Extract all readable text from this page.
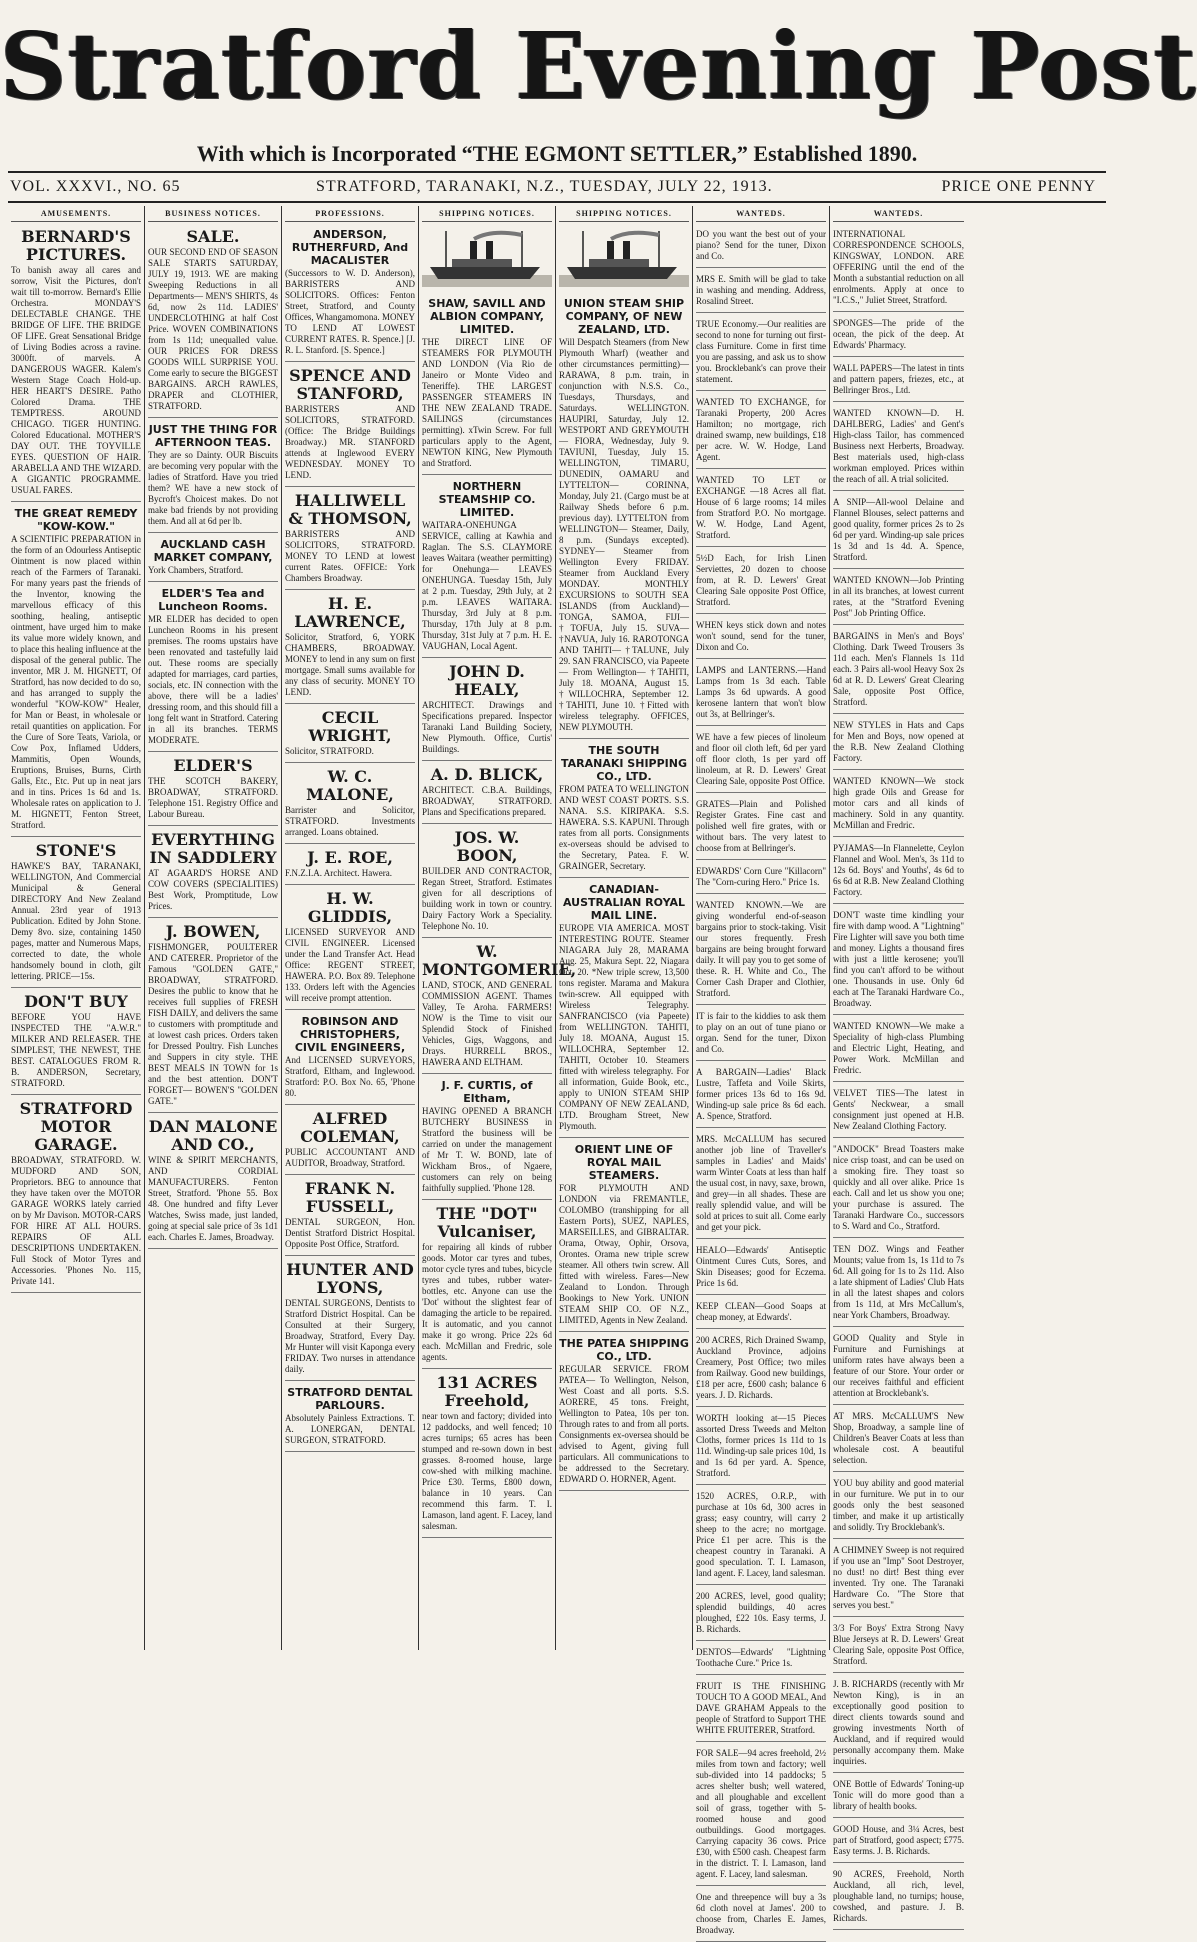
Stratford Evening Post
With which is Incorporated “THE EGMONT SETTLER,” Established 1890.
VOL. XXXVI., NO. 65	STRATFORD, TARANAKI, N.Z., TUESDAY, JULY 22, 1913.	PRICE ONE PENNY
AMUSEMENTS.
BERNARD'S PICTURES.

To banish away all cares and sorrow, Visit the Pictures, don't wait till to-morrow. Bernard's Ellie Orchestra. MONDAY'S DELECTABLE CHANGE. THE BRIDGE OF LIFE. THE BRIDGE OF LIFE. Great Sensational Bridge of Living Bodies across a ravine. 3000ft. of marvels. A DANGEROUS WAGER. Kalem's Western Stage Coach Hold-up. HER HEART'S DESIRE. Patho Colored Drama. THE TEMPTRESS. AROUND CHICAGO. TIGER HUNTING. Colored Educational. MOTHER'S DAY OUT. THE TOYVILLE EYES. QUESTION OF HAIR. ARABELLA AND THE WIZARD. A GIGANTIC PROGRAMME. USUAL FARES.

THE GREAT REMEDY "KOW-KOW."

A SCIENTIFIC PREPARATION in the form of an Odourless Antiseptic Ointment is now placed within reach of the Farmers of Taranaki. For many years past the friends of the Inventor, knowing the marvellous efficacy of this soothing, healing, antiseptic ointment, have urged him to make its value more widely known, and to place this healing influence at the disposal of the general public. The inventor, MR J. M. HIGNETT, Of Stratford, has now decided to do so, and has arranged to supply the wonderful "KOW-KOW" Healer, for Man or Beast, in wholesale or retail quantities on application. For the Cure of Sore Teats, Variola, or Cow Pox, Inflamed Udders, Mammitis, Open Wounds, Eruptions, Bruises, Burns, Cirth Galls, Etc., Etc. Put up in neat jars and in tins. Prices 1s 6d and 1s. Wholesale rates on application to J. M. HIGNETT, Fenton Street, Stratford.

STONE'S

HAWKE'S BAY, TARANAKI, WELLINGTON, And Commercial Municipal & General DIRECTORY And New Zealand Annual. 23rd year of 1913 Publication. Edited by John Stone. Demy 8vo. size, containing 1450 pages, matter and Numerous Maps, corrected to date, the whole handsomely bound in cloth, gilt lettering. PRICE—15s.

DON'T BUY

BEFORE YOU HAVE INSPECTED THE "A.W.R." MILKER AND RELEASER. THE SIMPLEST, THE NEWEST, THE BEST. CATALOGUES FROM R. B. ANDERSON, Secretary, STRATFORD.

STRATFORD MOTOR GARAGE.

BROADWAY, STRATFORD. W. MUDFORD AND SON, Proprietors. BEG to announce that they have taken over the MOTOR GARAGE WORKS lately carried on by Mr Davison. MOTOR-CARS FOR HIRE AT ALL HOURS. REPAIRS OF ALL DESCRIPTIONS UNDERTAKEN. Full Stock of Motor Tyres and Accessories. 'Phones No. 115, Private 141.

BUSINESS NOTICES.
SALE.

OUR SECOND END OF SEASON SALE STARTS SATURDAY, JULY 19, 1913. WE are making Sweeping Reductions in all Departments— MEN'S SHIRTS, 4s 6d, now 2s 11d. LADIES' UNDERCLOTHING at half Cost Price. WOVEN COMBINATIONS from 1s 11d; unequalled value. OUR PRICES FOR DRESS GOODS WILL SURPRISE YOU. Come early to secure the BIGGEST BARGAINS. ARCH RAWLES, DRAPER and CLOTHIER, STRATFORD.

JUST THE THING FOR AFTERNOON TEAS.

They are so Dainty. OUR Biscuits are becoming very popular with the ladies of Stratford. Have you tried them? WE have a new stock of Bycroft's Choicest makes. Do not make bad friends by not providing them. And all at 6d per lb.

AUCKLAND CASH MARKET COMPANY,

York Chambers, Stratford.

ELDER'S Tea and Luncheon Rooms.

MR ELDER has decided to open Luncheon Rooms in his present premises. The rooms upstairs have been renovated and tastefully laid out. These rooms are specially adapted for marriages, card parties, socials, etc. IN connection with the above, there will be a ladies' dressing room, and this should fill a long felt want in Stratford. Catering in all its branches. TERMS MODERATE.

ELDER'S

THE SCOTCH BAKERY, BROADWAY, STRATFORD. Telephone 151. Registry Office and Labour Bureau.

EVERYTHING IN SADDLERY

AT AGAARD'S HORSE AND COW COVERS (SPECIALITIES) Best Work, Promptitude, Low Prices.

J. BOWEN,

FISHMONGER, POULTERER AND CATERER. Proprietor of the Famous "GOLDEN GATE," BROADWAY, STRATFORD. Desires the public to know that he receives full supplies of FRESH FISH DAILY, and delivers the same to customers with promptitude and at lowest cash prices. Orders taken for Dressed Poultry. Fish Lunches and Suppers in city style. THE BEST MEALS IN TOWN for 1s and the best attention. DON'T FORGET— BOWEN'S "GOLDEN GATE."

DAN MALONE AND CO.,

WINE & SPIRIT MERCHANTS, AND CORDIAL MANUFACTURERS. Fenton Street, Stratford. 'Phone 55. Box 48. One hundred and fifty Lever Watches, Swiss made, just landed, going at special sale price of 3s 1d1 each. Charles E. James, Broadway.

PROFESSIONS.
ANDERSON, RUTHERFURD, And MACALISTER

(Successors to W. D. Anderson), BARRISTERS AND SOLICITORS. Offices: Fenton Street, Stratford, and County Offices, Whangamomona. MONEY TO LEND AT LOWEST CURRENT RATES. R. Spence.] [J. R. L. Stanford. [S. Spence.]

SPENCE AND STANFORD,

BARRISTERS AND SOLICITORS, STRATFORD. (Office: The Bridge Buildings Broadway.) MR. STANFORD attends at Inglewood EVERY WEDNESDAY. MONEY TO LEND.

HALLIWELL & THOMSON,

BARRISTERS AND SOLICITORS, STRATFORD. MONEY TO LEND at lowest current Rates. OFFICE: York Chambers Broadway.

H. E. LAWRENCE,

Solicitor, Stratford, 6, YORK CHAMBERS, BROADWAY. MONEY to lend in any sum on first mortgage. Small sums available for any class of security. MONEY TO LEND.

CECIL WRIGHT,

Solicitor, STRATFORD.

W. C. MALONE,

Barrister and Solicitor, STRATFORD. Investments arranged. Loans obtained.

J. E. ROE,

F.N.Z.I.A. Architect. Hawera.

H. W. GLIDDIS,

LICENSED SURVEYOR AND CIVIL ENGINEER. Licensed under the Land Transfer Act. Head Office: REGENT STREET, HAWERA. P.O. Box 89. Telephone 133. Orders left with the Agencies will receive prompt attention.

ROBINSON AND CHRISTOPHERS, CIVIL ENGINEERS,

And LICENSED SURVEYORS, Stratford, Eltham, and Inglewood. Stratford: P.O. Box No. 65, 'Phone 80.

ALFRED COLEMAN,

PUBLIC ACCOUNTANT AND AUDITOR, Broadway, Stratford.

FRANK N. FUSSELL,

DENTAL SURGEON, Hon. Dentist Stratford District Hospital. Opposite Post Office, Stratford.

HUNTER AND LYONS,

DENTAL SURGEONS, Dentists to Stratford District Hospital. Can be Consulted at their Surgery, Broadway, Stratford, Every Day. Mr Hunter will visit Kaponga every FRIDAY. Two nurses in attendance daily.

STRATFORD DENTAL PARLOURS.

Absolutely Painless Extractions. T. A. LONERGAN, DENTAL SURGEON, STRATFORD.

SHIPPING NOTICES.
SHAW, SAVILL AND ALBION COMPANY, LIMITED.

THE DIRECT LINE OF STEAMERS FOR PLYMOUTH AND LONDON (Via Rio de Janeiro or Monte Video and Teneriffe). THE LARGEST PASSENGER STEAMERS IN THE NEW ZEALAND TRADE. SAILINGS (circumstances permitting). xTwin Screw. For full particulars apply to the Agent, NEWTON KING, New Plymouth and Stratford.

NORTHERN STEAMSHIP CO. LIMITED.

WAITARA-ONEHUNGA SERVICE, calling at Kawhia and Raglan. The S.S. CLAYMORE leaves Waitara (weather permitting) for Onehunga— LEAVES ONEHUNGA. Tuesday 15th, July at 2 p.m. Tuesday, 29th July, at 2 p.m. LEAVES WAITARA. Thursday, 3rd July at 8 p.m. Thursday, 17th July at 8 p.m. Thursday, 31st July at 7 p.m. H. E. VAUGHAN, Local Agent.

JOHN D. HEALY,

ARCHITECT. Drawings and Specifications prepared. Inspector Taranaki Land Building Society, New Plymouth. Office, Curtis' Buildings.

A. D. BLICK,

ARCHITECT. C.B.A. Buildings, BROADWAY, STRATFORD. Plans and Specifications prepared.

JOS. W. BOON,

BUILDER AND CONTRACTOR, Regan Street, Stratford. Estimates given for all descriptions of building work in town or country. Dairy Factory Work a Speciality. Telephone No. 10.

W. MONTGOMERIE,

LAND, STOCK, AND GENERAL COMMISSION AGENT. Thames Valley, Te Aroha. FARMERS! NOW is the Time to visit our Splendid Stock of Finished Vehicles, Gigs, Waggons, and Drays. HURRELL BROS., HAWERA AND ELTHAM.

J. F. CURTIS, of Eltham,

HAVING OPENED A BRANCH BUTCHERY BUSINESS in Stratford the business will be carried on under the management of Mr T. W. BOND, late of Wickham Bros., of Ngaere, customers can rely on being faithfully supplied. 'Phone 128.

THE "DOT" Vulcaniser,

for repairing all kinds of rubber goods. Motor car tyres and tubes, motor cycle tyres and tubes, bicycle tyres and tubes, rubber water-bottles, etc. Anyone can use the 'Dot' without the slightest fear of damaging the article to be repaired. It is automatic, and you cannot make it go wrong. Price 22s 6d each. McMillan and Fredric, sole agents.

131 ACRES Freehold,

near town and factory; divided into 12 paddocks, and well fenced; 10 acres turnips; 65 acres has been stumped and re-sown down in best grasses. 8-roomed house, large cow-shed with milking machine. Price £30. Terms, £800 down, balance in 10 years. Can recommend this farm. T. I. Lamason, land agent. F. Lacey, land salesman.

SHIPPING NOTICES.
UNION STEAM SHIP COMPANY, OF NEW ZEALAND, LTD.

Will Despatch Steamers (from New Plymouth Wharf) (weather and other circumstances permitting)— RARAWA, 8 p.m. train, in conjunction with N.S.S. Co., Tuesdays, Thursdays, and Saturdays. WELLINGTON. HAUPIRI, Saturday, July 12. WESTPORT AND GREYMOUTH— FIORA, Wednesday, July 9. TAVIUNI, Tuesday, July 15. WELLINGTON, TIMARU, DUNEDIN, OAMARU and LYTTELTON— CORINNA, Monday, July 21. (Cargo must be at Railway Sheds before 6 p.m. previous day). LYTTELTON from WELLINGTON— Steamer, Daily, 8 p.m. (Sundays excepted). SYDNEY— Steamer from Wellington Every FRIDAY. Steamer from Auckland Every MONDAY. MONTHLY EXCURSIONS to SOUTH SEA ISLANDS (from Auckland)— TONGA, SAMOA, FIJI— †TOFUA, July 15. SUVA— †NAVUA, July 16. RAROTONGA AND TAHITI— †TALUNE, July 29. SAN FRANCISCO, via Papeete— From Wellington— †TAHITI, July 18. MOANA, August 15. †WILLOCHRA, September 12. †TAHITI, June 10. †Fitted with wireless telegraphy. OFFICES, NEW PLYMOUTH.

THE SOUTH TARANAKI SHIPPING CO., LTD.

FROM PATEA TO WELLINGTON AND WEST COAST PORTS. S.S. NANA. S.S. KIRIPAKA. S.S. HAWERA. S.S. KAPUNI. Through rates from all ports. Consignments ex-overseas should be advised to the Secretary, Patea. F. W. GRAINGER, Secretary.

CANADIAN-AUSTRALIAN ROYAL MAIL LINE.

EUROPE VIA AMERICA. MOST INTERESTING ROUTE. Steamer NIAGARA July 28, MARAMA Aug. 25, Makura Sept. 22, Niagara Oct. 20. *New triple screw, 13,500 tons register. Marama and Makura twin-screw. All equipped with Wireless Telegraphy. SANFRANCISCO (via Papeete) from WELLINGTON. TAHITI, July 18. MOANA, August 15. WILLOCHRA, September 12. TAHITI, October 10. Steamers fitted with wireless telegraphy. For all information, Guide Book, etc., apply to UNION STEAM SHIP COMPANY OF NEW ZEALAND, LTD. Brougham Street, New Plymouth.

ORIENT LINE OF ROYAL MAIL STEAMERS.

FOR PLYMOUTH AND LONDON via FREMANTLE, COLOMBO (transhipping for all Eastern Ports), SUEZ, NAPLES, MARSEILLES, and GIBRALTAR. Orama, Otway, Ophir, Orsova, Orontes. Orama new triple screw steamer. All others twin screw. All fitted with wireless. Fares—New Zealand to London. Through Bookings to New York. UNION STEAM SHIP CO. OF N.Z., LIMITED, Agents in New Zealand.

THE PATEA SHIPPING CO., LTD.

REGULAR SERVICE. FROM PATEA— To Wellington, Nelson, West Coast and all ports. S.S. AORERE, 45 tons. Freight, Wellington to Patea, 10s per ton. Through rates to and from all ports. Consignments ex-oversea should be advised to Agent, giving full particulars. All communications to be addressed to the Secretary. EDWARD O. HORNER, Agent.

WANTEDS.

DO you want the best out of your piano? Send for the tuner, Dixon and Co.

MRS E. Smith will be glad to take in washing and mending. Address, Rosalind Street.

TRUE Economy.—Our realities are second to none for turning out first-class Furniture. Come in first time you are passing, and ask us to show you. Brocklebank's can prove their statement.

WANTED TO EXCHANGE, for Taranaki Property, 200 Acres Hamilton; no mortgage, rich drained swamp, new buildings, £18 per acre. W. W. Hodge, Land Agent.

WANTED TO LET or EXCHANGE —18 Acres all flat. House of 6 large rooms; 14 miles from Stratford P.O. No mortgage. W. W. Hodge, Land Agent, Stratford.

5½D Each, for Irish Linen Serviettes, 20 dozen to choose from, at R. D. Lewers' Great Clearing Sale opposite Post Office, Stratford.

WHEN keys stick down and notes won't sound, send for the tuner, Dixon and Co.

LAMPS and LANTERNS.—Hand Lamps from 1s 3d each. Table Lamps 3s 6d upwards. A good kerosene lantern that won't blow out 3s, at Bellringer's.

WE have a few pieces of linoleum and floor oil cloth left, 6d per yard off floor cloth, 1s per yard off linoleum, at R. D. Lewers' Great Clearing Sale, opposite Post Office.

GRATES—Plain and Polished Register Grates. Fine cast and polished well fire grates, with or without bars. The very latest to choose from at Bellringer's.

EDWARDS' Corn Cure "Killacorn" The "Corn-curing Hero." Price 1s.

WANTED KNOWN.—We are giving wonderful end-of-season bargains prior to stock-taking. Visit our stores frequently. Fresh bargains are being brought forward daily. It will pay you to get some of these. R. H. White and Co., The Corner Cash Draper and Clothier, Stratford.

IT is fair to the kiddies to ask them to play on an out of tune piano or organ. Send for the tuner, Dixon and Co.

A BARGAIN—Ladies' Black Lustre, Taffeta and Voile Skirts, former prices 13s 6d to 16s 9d. Winding-up sale price 8s 6d each. A. Spence, Stratford.

MRS. McCALLUM has secured another job line of Traveller's samples in Ladies' and Maids' warm Winter Coats at less than half the usual cost, in navy, saxe, brown, and grey—in all shades. These are really splendid value, and will be sold at prices to suit all. Come early and get your pick.

HEALO—Edwards' Antiseptic Ointment Cures Cuts, Sores, and Skin Diseases; good for Eczema. Price 1s 6d.

KEEP CLEAN—Good Soaps at cheap money, at Edwards'.

200 ACRES, Rich Drained Swamp, Auckland Province, adjoins Creamery, Post Office; two miles from Railway. Good new buildings, £18 per acre, £600 cash; balance 6 years. J. D. Richards.

WORTH looking at—15 Pieces assorted Dress Tweeds and Melton Cloths, former prices 1s 11d to 1s 11d. Winding-up sale prices 10d, 1s and 1s 6d per yard. A. Spence, Stratford.

1520 ACRES, O.R.P., with purchase at 10s 6d, 300 acres in grass; easy country, will carry 2 sheep to the acre; no mortgage. Price £1 per acre. This is the cheapest country in Taranaki. A good speculation. T. I. Lamason, land agent. F. Lacey, land salesman.

200 ACRES, level, good quality; splendid buildings, 40 acres ploughed, £22 10s. Easy terms, J. B. Richards.

DENTOS—Edwards' "Lightning Toothache Cure." Price 1s.

FRUIT IS THE FINISHING TOUCH TO A GOOD MEAL, And DAVE GRAHAM Appeals to the people of Stratford to Support THE WHITE FRUITERER, Stratford.

FOR SALE—94 acres freehold, 2½ miles from town and factory; well sub-divided into 14 paddocks; 5 acres shelter bush; well watered, and all ploughable and excellent soil of grass, together with 5-roomed house and good outbuildings. Good mortgages. Carrying capacity 36 cows. Price £30, with £500 cash. Cheapest farm in the district. T. I. Lamason, land agent. F. Lacey, land salesman.

One and threepence will buy a 3s 6d cloth novel at James'. 200 to choose from, Charles E. James, Broadway.

WANTEDS.

INTERNATIONAL CORRESPONDENCE SCHOOLS, KINGSWAY, LONDON. ARE OFFERING until the end of the Month a substantial reduction on all enrolments. Apply at once to "I.C.S.," Juliet Street, Stratford.

SPONGES—The pride of the ocean, the pick of the deep. At Edwards' Pharmacy.

WALL PAPERS—The latest in tints and pattern papers, friezes, etc., at Bellringer Bros., Ltd.

WANTED KNOWN—D. H. DAHLBERG, Ladies' and Gent's High-class Tailor, has commenced Business next Herberts, Broadway. Best materials used, high-class workman employed. Prices within the reach of all. A trial solicited.

A SNIP—All-wool Delaine and Flannel Blouses, select patterns and good quality, former prices 2s to 2s 6d per yard. Winding-up sale prices 1s 3d and 1s 4d. A. Spence, Stratford.

WANTED KNOWN—Job Printing in all its branches, at lowest current rates, at the "Stratford Evening Post" Job Printing Office.

BARGAINS in Men's and Boys' Clothing. Dark Tweed Trousers 3s 11d each. Men's Flannels 1s 11d each. 3 Pairs all-wool Heavy Sox 2s 6d at R. D. Lewers' Great Clearing Sale, opposite Post Office, Stratford.

NEW STYLES in Hats and Caps for Men and Boys, now opened at the R.B. New Zealand Clothing Factory.

WANTED KNOWN—We stock high grade Oils and Grease for motor cars and all kinds of machinery. Sold in any quantity. McMillan and Fredric.

PYJAMAS—In Flannelette, Ceylon Flannel and Wool. Men's, 3s 11d to 12s 6d. Boys' and Youths', 4s 6d to 6s 6d at R.B. New Zealand Clothing Factory.

DON'T waste time kindling your fire with damp wood. A "Lightning" Fire Lighter will save you both time and money. Lights a thousand fires with just a little kerosene; you'll find you can't afford to be without one. Thousands in use. Only 6d each at The Taranaki Hardware Co., Broadway.

WANTED KNOWN—We make a Speciality of high-class Plumbing and Electric Light, Heating, and Power Work. McMillan and Fredric.

VELVET TIES—The latest in Gents' Neckwear, a small consignment just opened at H.B. New Zealand Clothing Factory.

"ANDOCK" Bread Toasters make nice crisp toast, and can be used on a smoking fire. They toast so quickly and all over alike. Price 1s each. Call and let us show you one; your purchase is assured. The Taranaki Hardware Co., successors to S. Ward and Co., Stratford.

TEN DOZ. Wings and Feather Mounts; value from 1s, 1s 11d to 7s 6d. All going for 1s to 2s 11d. Also a late shipment of Ladies' Club Hats in all the latest shapes and colors from 1s 11d, at Mrs McCallum's, near York Chambers, Broadway.

GOOD Quality and Style in Furniture and Furnishings at uniform rates have always been a feature of our Store. Your order or our receives faithful and efficient attention at Brocklebank's.

AT MRS. McCALLUM'S New Shop, Broadway, a sample line of Children's Beaver Coats at less than wholesale cost. A beautiful selection.

YOU buy ability and good material in our furniture. We put in to our goods only the best seasoned timber, and make it up artistically and solidly. Try Brocklebank's.

A CHIMNEY Sweep is not required if you use an "Imp" Soot Destroyer, no dust! no dirt! Best thing ever invented. Try one. The Taranaki Hardware Co. "The Store that serves you best."

3/3 For Boys' Extra Strong Navy Blue Jerseys at R. D. Lewers' Great Clearing Sale, opposite Post Office, Stratford.

J. B. RICHARDS (recently with Mr Newton King), is in an exceptionally good position to direct clients towards sound and growing investments North of Auckland, and if required would personally accompany them. Make inquiries.

ONE Bottle of Edwards' Toning-up Tonic will do more good than a library of health books.

GOOD House, and 3¼ Acres, best part of Stratford, good aspect; £775. Easy terms. J. B. Richards.

90 ACRES, Freehold, North Auckland, all rich, level, ploughable land, no turnips; house, cowshed, and pasture. J. B. Richards.
